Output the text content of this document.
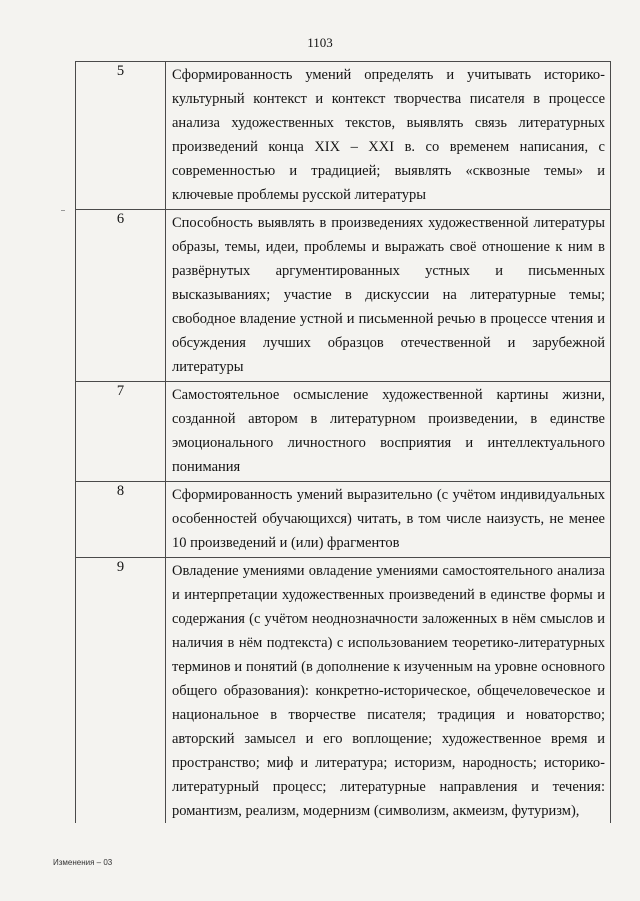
1103
5	Сформированность умений определять и учитывать историко-культурный контекст и контекст творчества писателя в процессе анализа художественных текстов, выявлять связь литературных произведений конца XIX – XXI в. со временем написания, с современностью и традицией; выявлять «сквозные темы» и ключевые проблемы русской литературы
6	Способность выявлять в произведениях художественной литературы образы, темы, идеи, проблемы и выражать своё отношение к ним в развёрнутых аргументированных устных и письменных высказываниях; участие в дискуссии на литературные темы; свободное владение устной и письменной речью в процессе чтения и обсуждения лучших образцов отечественной и зарубежной литературы
7	Самостоятельное осмысление художественной картины жизни, созданной автором в литературном произведении, в единстве эмоционального личностного восприятия и интеллектуального понимания
8	Сформированность умений выразительно (с учётом индивидуальных особенностей обучающихся) читать, в том числе наизусть, не менее 10 произведений и (или) фрагментов
9	Овладение умениями овладение умениями самостоятельного анализа и интерпретации художественных произведений в единстве формы и содержания (с учётом неоднозначности заложенных в нём смыслов и наличия в нём подтекста) с использованием теоретико-литературных терминов и понятий (в дополнение к изученным на уровне основного общего образования): конкретно-историческое, общечеловеческое и национальное в творчестве писателя; традиция и новаторство; авторский замысел и его воплощение; художественное время и пространство; миф и литература; историзм, народность; историко-литературный процесс; литературные направления и течения: романтизм, реализм, модернизм (символизм, акмеизм, футуризм),
Изменения – 03
